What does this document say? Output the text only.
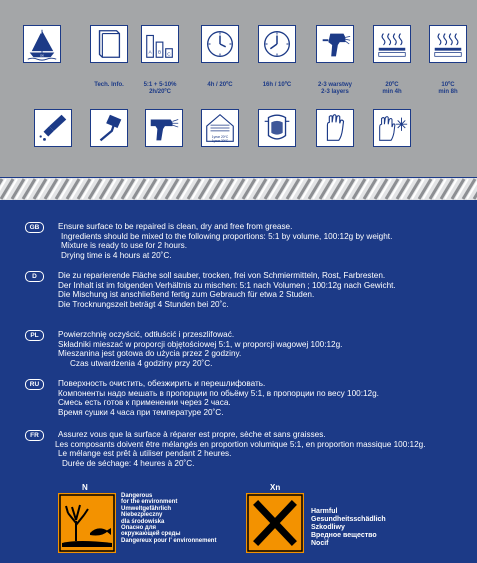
OK
Tech. Info.
A B C
5:1 + 5-10%
2h/20ºC
4h / 20ºC	16h / 10ºC	2-3 warstwy
2-3 layers
20ºC
min 4h
10ºC
min 8h
1year 20ºC
1year 30ºC
GB	Ensure surface to be repaired is clean, dry and free from grease.
Ingredients should be mixed to the following proportions: 5:1 by volume, 100:12g by weight.
Mixture is ready to use for 2 hours.
Drying time is 4 hours at 20˚C.
D	Die zu reparierende Fläche soll sauber, trocken, frei von Schmiermitteln, Rost, Farbresten.
Der Inhalt ist im folgenden Verhältnis zu mischen: 5:1 nach Volumen ; 100:12g nach Gewicht.
Die Mischung ist anschließend fertig zum Gebrauch für etwa 2 Studen.
Die Trocknungszeit beträgt 4 Stunden bei 20˚c.
PL	Powierzchnię oczyścić, odtłuścić i przeszlifować.
Składniki mieszać w proporcji objętościowej 5:1, w proporcji wagowej 100:12g.
Mieszanina jest gotowa do użycia przez 2 godziny.
Czas utwardzenia 4 godziny przy 20˚C.
RU	Поверхность очистить, обезжирить и перешлифовать.
Компоненты надо мешать в пропорции по обьёму 5:1, в пропорции по весу 100:12g.
Смесь есть готов к применении через 2 часа.
Время сушки 4 часа при температуре 20˚C.
FR	Assurez vous que la surface à réparer est propre, sèche et sans graisses.
Les composants doivent être mélangés en proportion volumique 5:1, en proportion massique 100:12g.
Le mélange est prêt à utiliser pendant 2 heures.
Durée de séchage: 4 heures à 20˚C.
N
Dangerous
for the environment
Umweltgefährlich
Niebezpieczny
dla środowiska
Опасно для
окружающей среды
Dangereux pour l' environnement
Xn
Harmful
Gesundheitsschädlich
Szkodliwy
Вредное вещество
Nocif
